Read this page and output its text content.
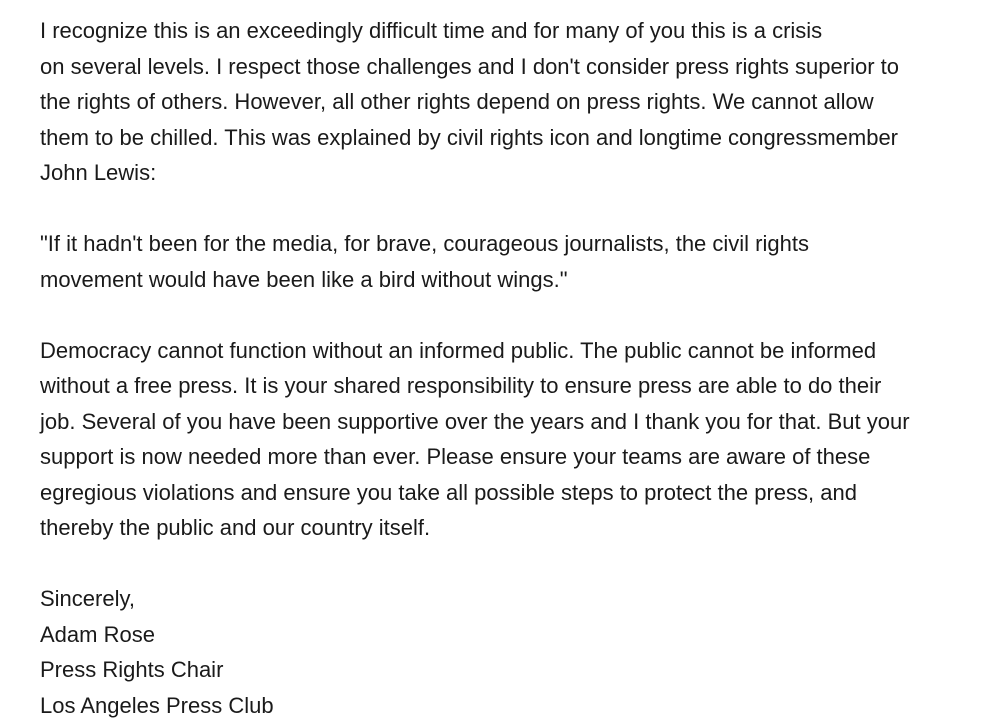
I recognize this is an exceedingly difficult time and for many of you this is a crisis
on several levels. I respect those challenges and I don't consider press rights superior to
the rights of others. However, all other rights depend on press rights. We cannot allow
them to be chilled. This was explained by civil rights icon and longtime congressmember
John Lewis:
"If it hadn't been for the media, for brave, courageous journalists, the civil rights
movement would have been like a bird without wings."
Democracy cannot function without an informed public. The public cannot be informed
without a free press. It is your shared responsibility to ensure press are able to do their
job. Several of you have been supportive over the years and I thank you for that. But your
support is now needed more than ever. Please ensure your teams are aware of these
egregious violations and ensure you take all possible steps to protect the press, and
thereby the public and our country itself.
Sincerely,
Adam Rose
Press Rights Chair
Los Angeles Press Club
